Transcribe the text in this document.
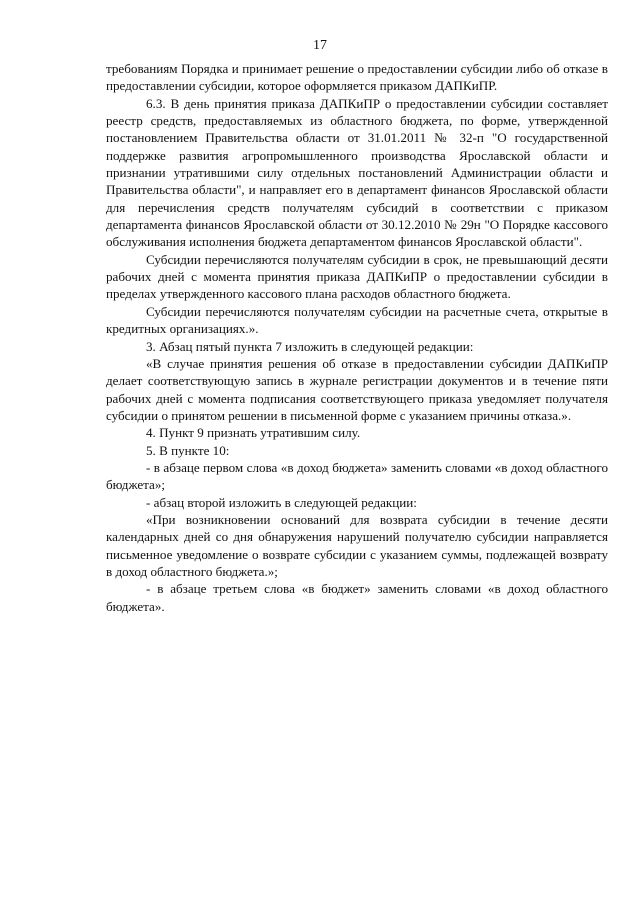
17

требованиям Порядка и принимает решение о предоставлении субсидии либо об отказе в предоставлении субсидии, которое оформляется приказом ДАПКиПР.

6.3. В день принятия приказа ДАПКиПР о предоставлении субсидии составляет реестр средств, предоставляемых из областного бюджета, по форме, утвержденной постановлением Правительства области от 31.01.2011 № 32-п "О государственной поддержке развития агропромышленного производства Ярославской области и признании утратившими силу отдельных постановлений Администрации области и Правительства области", и направляет его в департамент финансов Ярославской области для перечисления средств получателям субсидий в соответствии с приказом департамента финансов Ярославской области от 30.12.2010 № 29н "О Порядке кассового обслуживания исполнения бюджета департаментом финансов Ярославской области".

Субсидии перечисляются получателям субсидии в срок, не превышающий десяти рабочих дней с момента принятия приказа ДАПКиПР о предоставлении субсидии в пределах утвержденного кассового плана расходов областного бюджета.

Субсидии перечисляются получателям субсидии на расчетные счета, открытые в кредитных организациях.».

3. Абзац пятый пункта 7 изложить в следующей редакции:

«В случае принятия решения об отказе в предоставлении субсидии ДАПКиПР делает соответствующую запись в журнале регистрации документов и в течение пяти рабочих дней с момента подписания соответствующего приказа уведомляет получателя субсидии о принятом решении в письменной форме с указанием причины отказа.».

4. Пункт 9 признать утратившим силу.

5. В пункте 10:

- в абзаце первом слова «в доход бюджета» заменить словами «в доход областного бюджета»;

- абзац второй изложить в следующей редакции:

«При возникновении оснований для возврата субсидии в течение десяти календарных дней со дня обнаружения нарушений получателю субсидии направляется письменное уведомление о возврате субсидии с указанием суммы, подлежащей возврату в доход областного бюджета.»;

- в абзаце третьем слова «в бюджет» заменить словами «в доход областного бюджета».
